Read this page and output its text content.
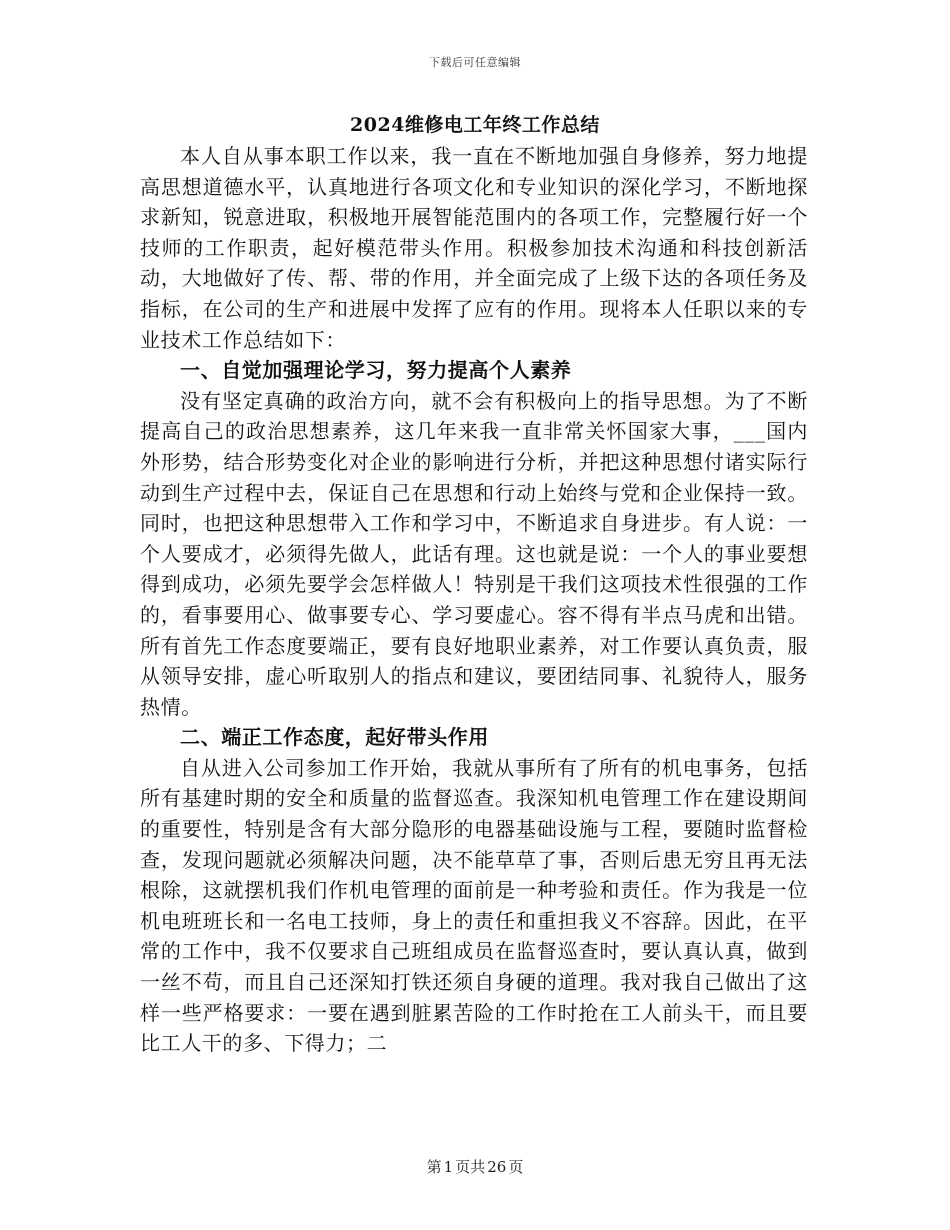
下载后可任意编辑
2024维修电工年终工作总结

本人自从事本职工作以来，我一直在不断地加强自身修养，努力地提高思想道德水平，认真地进行各项文化和专业知识的深化学习，不断地探求新知，锐意进取，积极地开展智能范围内的各项工作，完整履行好一个技师的工作职责，起好模范带头作用。积极参加技术沟通和科技创新活动，大地做好了传、帮、带的作用，并全面完成了上级下达的各项任务及指标，在公司的生产和进展中发挥了应有的作用。现将本人任职以来的专业技术工作总结如下：

一、自觉加强理论学习，努力提高个人素养

没有坚定真确的政治方向，就不会有积极向上的指导思想。为了不断提高自己的政治思想素养，这几年来我一直非常关怀国家大事，___国内外形势，结合形势变化对企业的影响进行分析，并把这种思想付诸实际行动到生产过程中去，保证自己在思想和行动上始终与党和企业保持一致。同时，也把这种思想带入工作和学习中，不断追求自身进步。有人说：一个人要成才，必须得先做人，此话有理。这也就是说：一个人的事业要想得到成功，必须先要学会怎样做人！特别是干我们这项技术性很强的工作的，看事要用心、做事要专心、学习要虚心。容不得有半点马虎和出错。所有首先工作态度要端正，要有良好地职业素养，对工作要认真负责，服从领导安排，虚心听取别人的指点和建议，要团结同事、礼貌待人，服务热情。

二、端正工作态度，起好带头作用

自从进入公司参加工作开始，我就从事所有了所有的机电事务，包括所有基建时期的安全和质量的监督巡查。我深知机电管理工作在建设期间的重要性，特别是含有大部分隐形的电器基础设施与工程，要随时监督检查，发现问题就必须解决问题，决不能草草了事，否则后患无穷且再无法根除，这就摆机我们作机电管理的面前是一种考验和责任。作为我是一位机电班班长和一名电工技师，身上的责任和重担我义不容辞。因此，在平常的工作中，我不仅要求自己班组成员在监督巡查时，要认真认真，做到一丝不苟，而且自己还深知打铁还须自身硬的道理。我对我自己做出了这样一些严格要求：一要在遇到脏累苦险的工作时抢在工人前头干，而且要比工人干的多、下得力；二

第 1 页共 26 页
